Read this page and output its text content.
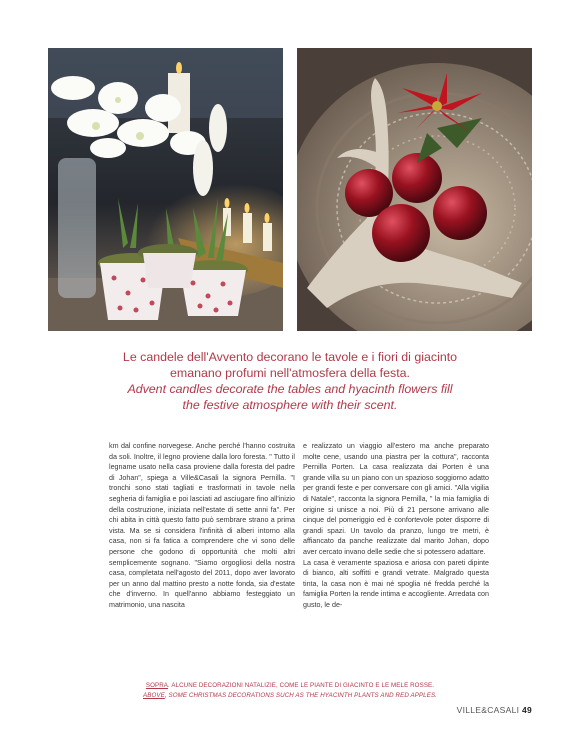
Le candele dell'Avvento decorano le tavole e i fiori di giacinto
emanano profumi nell'atmosfera della festa.
Advent candles decorate the tables and hyacinth flowers fill
the festive atmosphere with their scent.

km dal confine norvegese. Anche perché l'hanno costruita da soli. Inoltre, il legno proviene dalla loro foresta. " Tutto il legname usato nella casa proviene dalla foresta del padre di Johan", spiega a Ville&Casali la signora Pernilla. "I tronchi sono stati tagliati e trasformati in tavole nella segheria di famiglia e poi lasciati ad asciugare fino all'inizio della costruzione, iniziata nell'estate di sette anni fa". Per chi abita in città questo fatto può sembrare strano a prima vista. Ma se si considera l'infinità di alberi intorno alla casa, non si fa fatica a comprendere che vi sono delle persone che godono di opportunità che molti altri semplicemente sognano. "Siamo orgogliosi della nostra casa, completata nell'agosto del 2011, dopo aver lavorato per un anno dal mattino presto a notte fonda, sia d'estate che d'inverno. In quell'anno abbiamo festeggiato un matrimonio, una nascita

e realizzato un viaggio all'estero ma anche preparato molte cene, usando una piastra per la cottura", racconta Pernilla Porten. La casa realizzata dai Porten è una grande villa su un piano con un spazioso soggiorno adatto per grandi feste e per conversare con gli amici. "Alla vigilia di Natale", racconta la signora Pernilla, " la mia famiglia di origine si unisce a noi. Più di 21 persone arrivano alle cinque del pomeriggio ed è confortevole poter disporre di grandi spazi. Un tavolo da pranzo, lungo tre metri, è affiancato da panche realizzate dal marito Johan, dopo aver cercato invano delle sedie che si potessero adattare.

La casa è veramente spaziosa e ariosa con pareti dipinte di bianco, alti soffitti e grandi vetrate. Malgrado questa tinta, la casa non è mai né spoglia né fredda perché la famiglia Porten la rende intima e accogliente. Arredata con gusto, le de-

SOPRA. ALCUNE DECORAZIONI NATALIZIE, COME LE PIANTE DI GIACINTO E LE MELE ROSSE.
ABOVE, SOME CHRISTMAS DECORATIONS SUCH AS THE HYACINTH PLANTS AND RED APPLES.
VILLE&CASALI 49
